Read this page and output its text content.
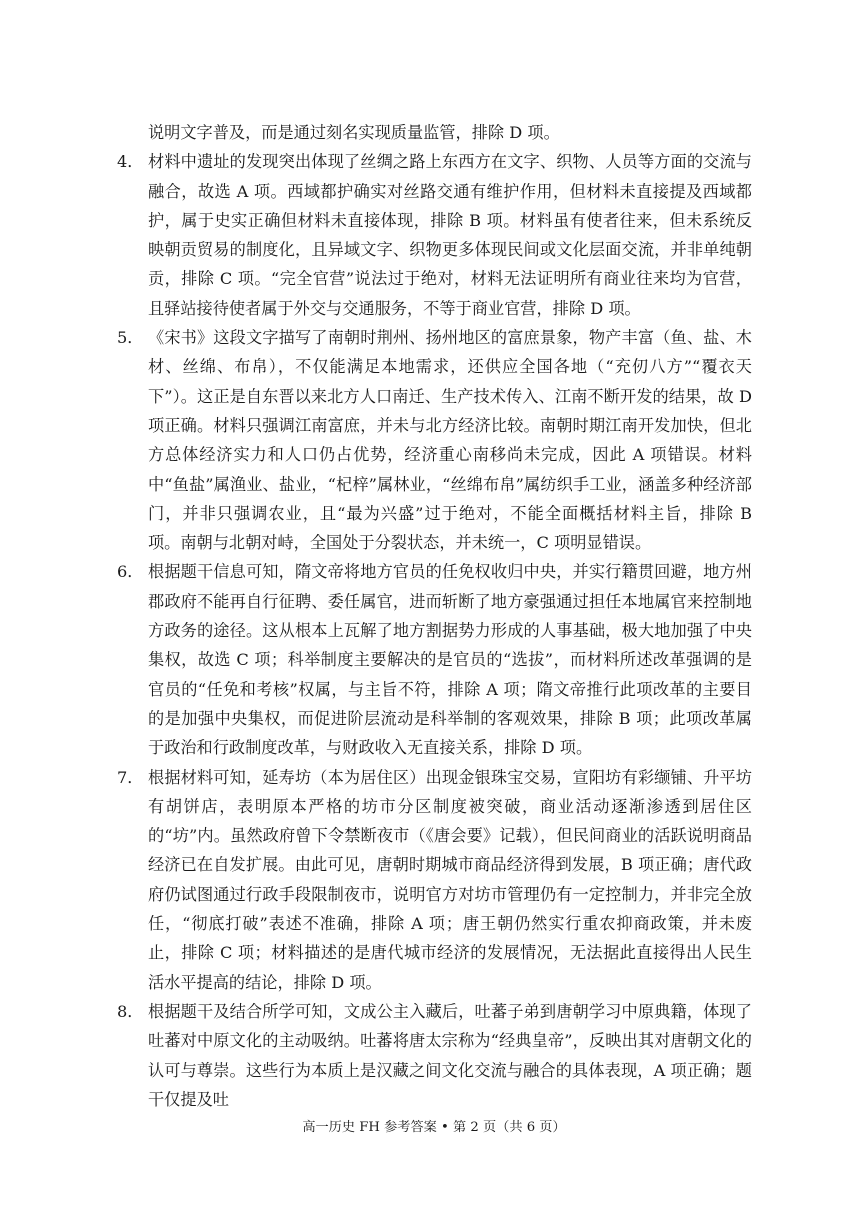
说明文字普及，而是通过刻名实现质量监管，排除 D 项。

4． 材料中遗址的发现突出体现了丝绸之路上东西方在文字、织物、人员等方面的交流与融合，故选 A 项。西域都护确实对丝路交通有维护作用，但材料未直接提及西域都护，属于史实正确但材料未直接体现，排除 B 项。材料虽有使者往来，但未系统反映朝贡贸易的制度化，且异域文字、织物更多体现民间或文化层面交流，并非单纯朝贡，排除 C 项。“完全官营”说法过于绝对，材料无法证明所有商业往来均为官营，且驿站接待使者属于外交与交通服务，不等于商业官营，排除 D 项。

5． 《宋书》这段文字描写了南朝时荆州、扬州地区的富庶景象，物产丰富（鱼、盐、木材、丝绵、布帛），不仅能满足本地需求，还供应全国各地（“充仞八方”“覆衣天下”）。这正是自东晋以来北方人口南迁、生产技术传入、江南不断开发的结果，故 D 项正确。材料只强调江南富庶，并未与北方经济比较。南朝时期江南开发加快，但北方总体经济实力和人口仍占优势，经济重心南移尚未完成，因此 A 项错误。材料中“鱼盐”属渔业、盐业，“杞梓”属林业，“丝绵布帛”属纺织手工业，涵盖多种经济部门，并非只强调农业，且“最为兴盛”过于绝对，不能全面概括材料主旨，排除 B 项。南朝与北朝对峙，全国处于分裂状态，并未统一，C 项明显错误。

6． 根据题干信息可知，隋文帝将地方官员的任免权收归中央，并实行籍贯回避，地方州郡政府不能再自行征聘、委任属官，进而斩断了地方豪强通过担任本地属官来控制地方政务的途径。这从根本上瓦解了地方割据势力形成的人事基础，极大地加强了中央集权，故选 C 项；科举制度主要解决的是官员的“选拔”，而材料所述改革强调的是官员的“任免和考核”权属，与主旨不符，排除 A 项；隋文帝推行此项改革的主要目的是加强中央集权，而促进阶层流动是科举制的客观效果，排除 B 项；此项改革属于政治和行政制度改革，与财政收入无直接关系，排除 D 项。

7． 根据材料可知，延寿坊（本为居住区）出现金银珠宝交易，宣阳坊有彩缬铺、升平坊有胡饼店，表明原本严格的坊市分区制度被突破，商业活动逐渐渗透到居住区的“坊”内。虽然政府曾下令禁断夜市（《唐会要》记载），但民间商业的活跃说明商品经济已在自发扩展。由此可见，唐朝时期城市商品经济得到发展，B 项正确；唐代政府仍试图通过行政手段限制夜市，说明官方对坊市管理仍有一定控制力，并非完全放任，“彻底打破”表述不准确，排除 A 项；唐王朝仍然实行重农抑商政策，并未废止，排除 C 项；材料描述的是唐代城市经济的发展情况，无法据此直接得出人民生活水平提高的结论，排除 D 项。

8． 根据题干及结合所学可知，文成公主入藏后，吐蕃子弟到唐朝学习中原典籍，体现了吐蕃对中原文化的主动吸纳。吐蕃将唐太宗称为“经典皇帝”，反映出其对唐朝文化的认可与尊崇。这些行为本质上是汉藏之间文化交流与融合的具体表现，A 项正确；题干仅提及吐

高一历史 FH 参考答案 • 第 2 页（共 6 页）
